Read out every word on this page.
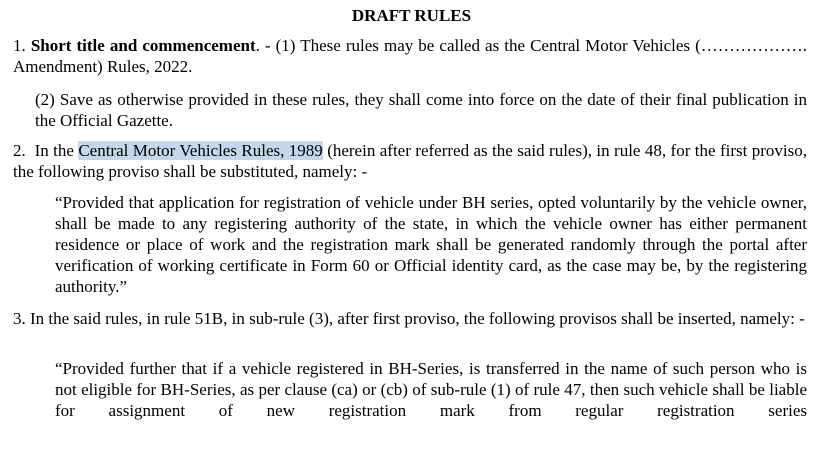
DRAFT RULES
1. Short title and commencement. - (1) These rules may be called as the Central Motor Vehicles (………………. Amendment) Rules, 2022.
(2) Save as otherwise provided in these rules, they shall come into force on the date of their final publication in the Official Gazette.
2.  In the Central Motor Vehicles Rules, 1989 (herein after referred as the said rules), in rule 48, for the first proviso, the following proviso shall be substituted, namely: -
“Provided that application for registration of vehicle under BH series, opted voluntarily by the vehicle owner, shall be made to any registering authority of the state, in which the vehicle owner has either permanent residence or place of work and the registration mark shall be generated randomly through the portal after verification of working certificate in Form 60 or Official identity card, as the case may be, by the registering authority.”
3. In the said rules, in rule 51B, in sub-rule (3), after first proviso, the following provisos shall be inserted, namely: -
“Provided further that if a vehicle registered in BH-Series, is transferred in the name of such person who is not eligible for BH-Series, as per clause (ca) or (cb) of sub-rule (1) of rule 47, then such vehicle shall be liable for assignment of new registration mark from regular registration series
